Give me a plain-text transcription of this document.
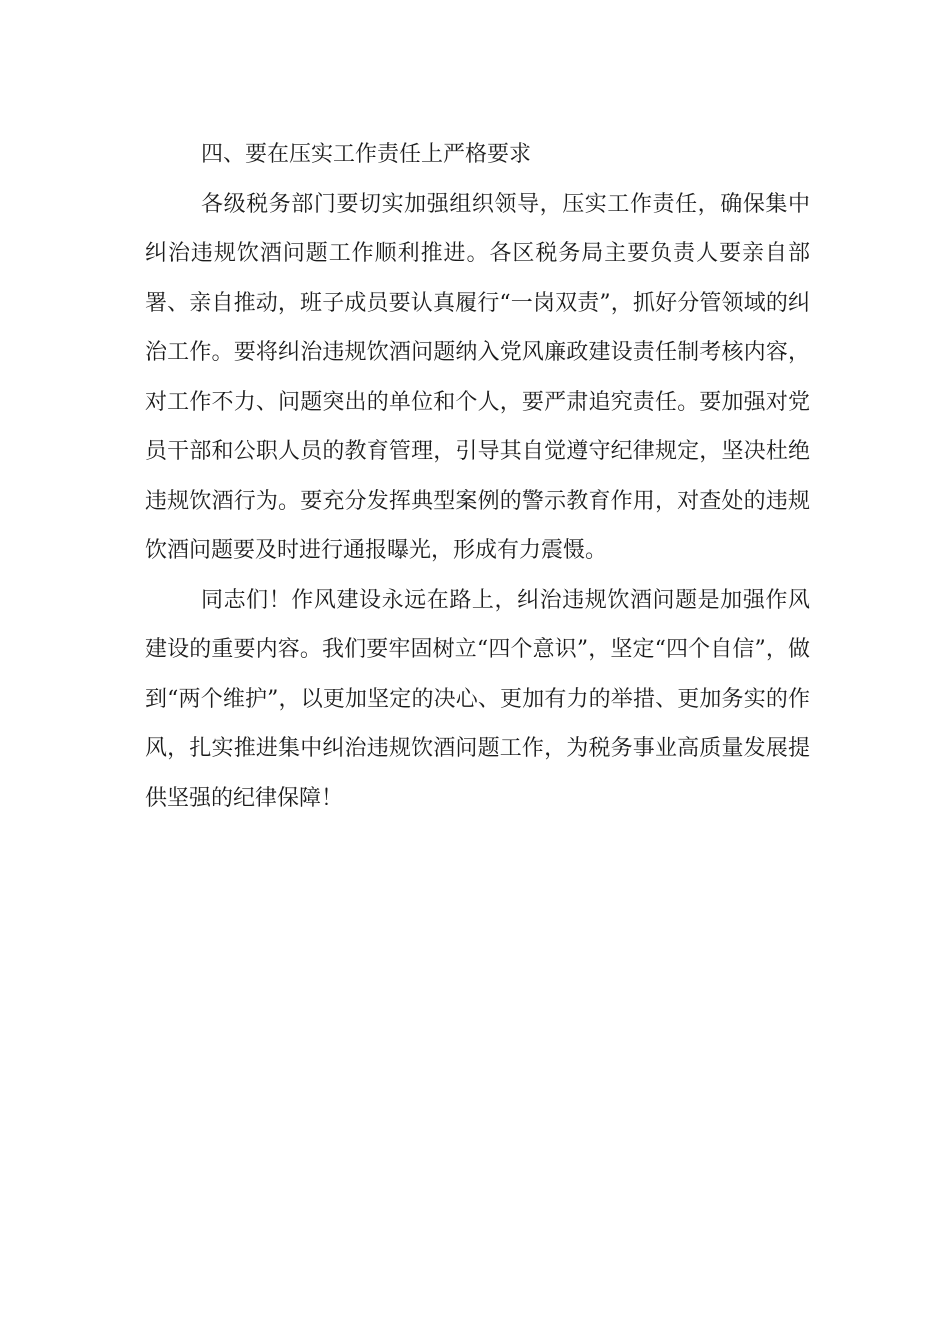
四、要在压实工作责任上严格要求

各级税务部门要切实加强组织领导，压实工作责任，确保集中纠治违规饮酒问题工作顺利推进。各区税务局主要负责人要亲自部署、亲自推动，班子成员要认真履行“一岗双责”，抓好分管领域的纠治工作。要将纠治违规饮酒问题纳入党风廉政建设责任制考核内容，对工作不力、问题突出的单位和个人，要严肃追究责任。要加强对党员干部和公职人员的教育管理，引导其自觉遵守纪律规定，坚决杜绝违规饮酒行为。要充分发挥典型案例的警示教育作用，对查处的违规饮酒问题要及时进行通报曝光，形成有力震慑。

同志们！作风建设永远在路上，纠治违规饮酒问题是加强作风建设的重要内容。我们要牢固树立“四个意识”，坚定“四个自信”，做到“两个维护”，以更加坚定的决心、更加有力的举措、更加务实的作风，扎实推进集中纠治违规饮酒问题工作，为税务事业高质量发展提供坚强的纪律保障！
